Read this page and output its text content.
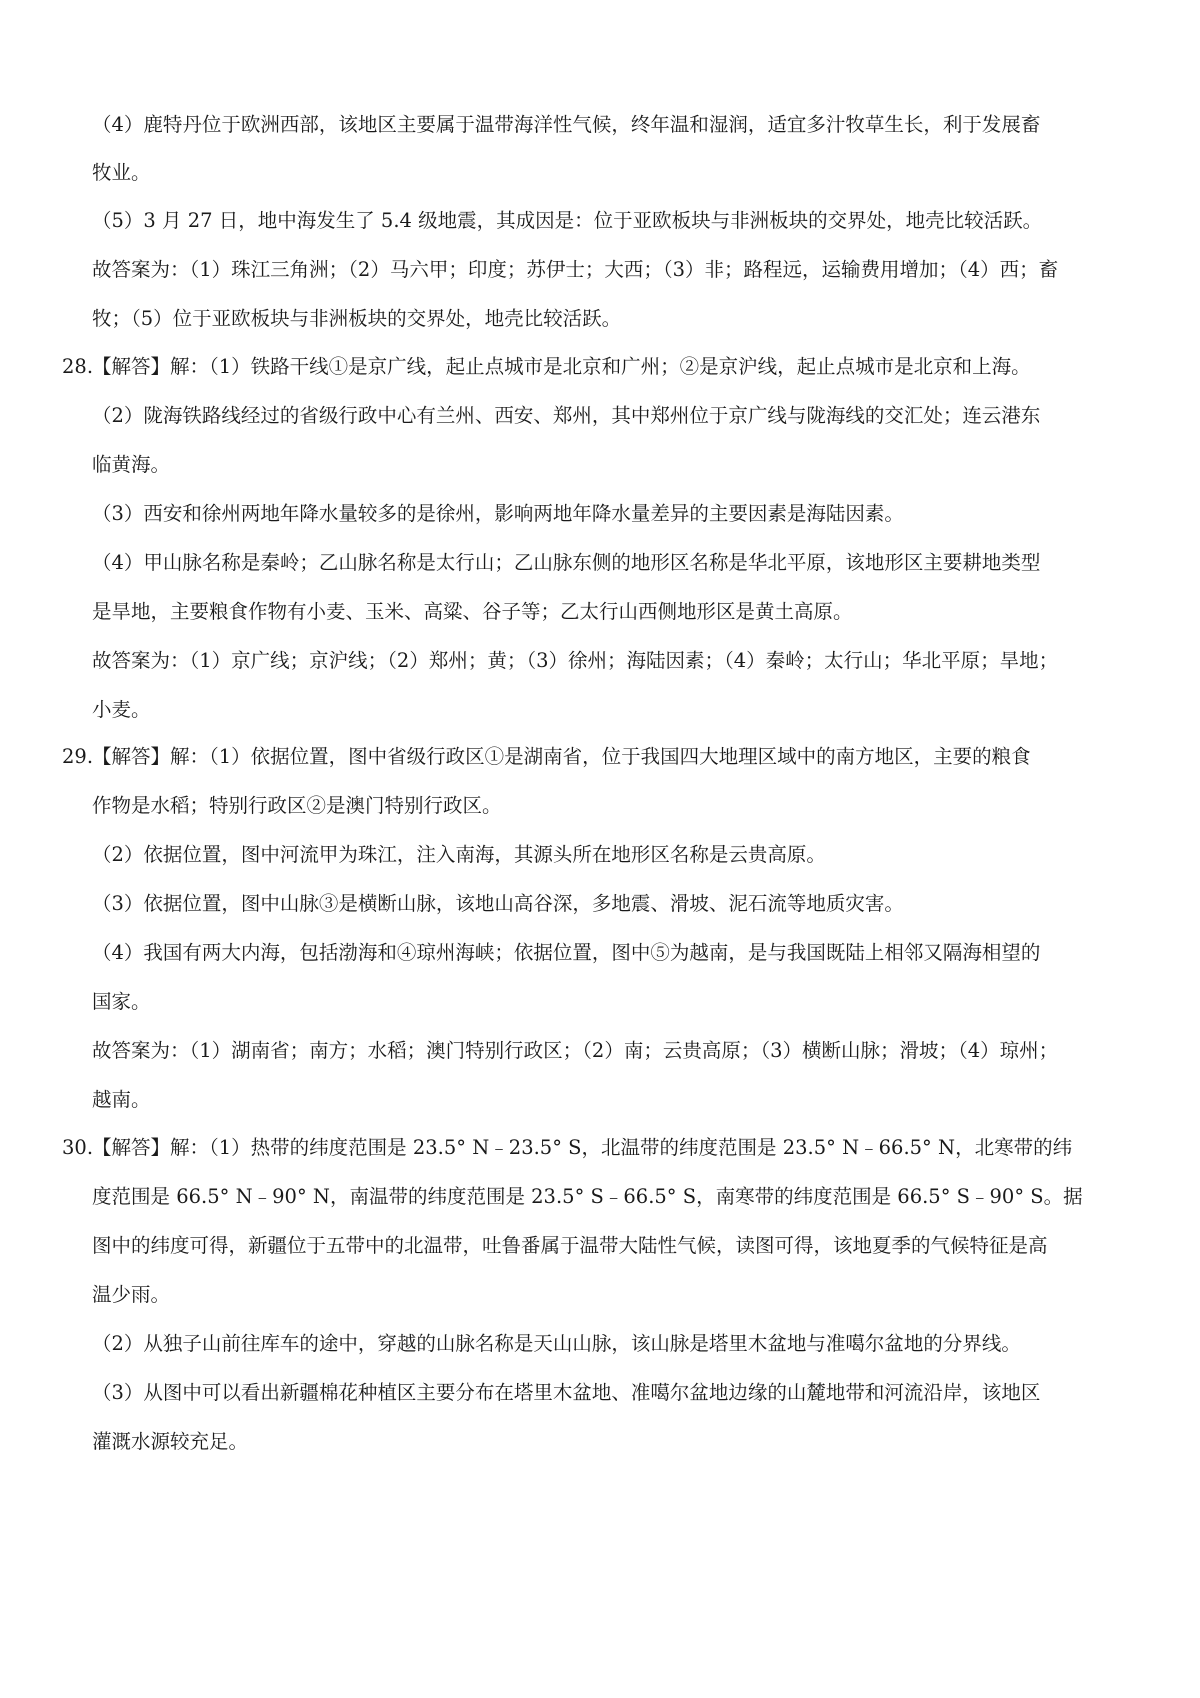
（4）鹿特丹位于欧洲西部，该地区主要属于温带海洋性气候，终年温和湿润，适宜多汁牧草生长，利于发展畜
牧业。
（5）3 月 27 日，地中海发生了 5.4 级地震，其成因是：位于亚欧板块与非洲板块的交界处，地壳比较活跃。
故答案为：（1）珠江三角洲；（2）马六甲；印度；苏伊士；大西；（3）非；路程远，运输费用增加；（4）西；畜
牧；（5）位于亚欧板块与非洲板块的交界处，地壳比较活跃。
28.
【解答】解：（1）铁路干线①是京广线，起止点城市是北京和广州；②是京沪线，起止点城市是北京和上海。
（2）陇海铁路线经过的省级行政中心有兰州、西安、郑州，其中郑州位于京广线与陇海线的交汇处；连云港东
临黄海。
（3）西安和徐州两地年降水量较多的是徐州，影响两地年降水量差异的主要因素是海陆因素。
（4）甲山脉名称是秦岭；乙山脉名称是太行山；乙山脉东侧的地形区名称是华北平原，该地形区主要耕地类型
是旱地，主要粮食作物有小麦、玉米、高粱、谷子等；乙太行山西侧地形区是黄土高原。
故答案为：（1）京广线；京沪线；（2）郑州；黄；（3）徐州；海陆因素；（4）秦岭；太行山；华北平原；旱地；
小麦。
29.
【解答】解：（1）依据位置，图中省级行政区①是湖南省，位于我国四大地理区域中的南方地区，主要的粮食
作物是水稻；特别行政区②是澳门特别行政区。
（2）依据位置，图中河流甲为珠江，注入南海，其源头所在地形区名称是云贵高原。
（3）依据位置，图中山脉③是横断山脉，该地山高谷深，多地震、滑坡、泥石流等地质灾害。
（4）我国有两大内海，包括渤海和④琼州海峡；依据位置，图中⑤为越南，是与我国既陆上相邻又隔海相望的
国家。
故答案为：（1）湖南省；南方；水稻；澳门特别行政区；（2）南；云贵高原；（3）横断山脉；滑坡；（4）琼州；
越南。
30.
【解答】解：（1）热带的纬度范围是 23.5° N﹣23.5° S，北温带的纬度范围是 23.5° N﹣66.5° N，北寒带的纬
度范围是 66.5° N﹣90° N，南温带的纬度范围是 23.5° S﹣66.5° S，南寒带的纬度范围是 66.5° S﹣90° S。据
图中的纬度可得，新疆位于五带中的北温带，吐鲁番属于温带大陆性气候，读图可得，该地夏季的气候特征是高
温少雨。
（2）从独子山前往库车的途中，穿越的山脉名称是天山山脉，该山脉是塔里木盆地与准噶尔盆地的分界线。
（3）从图中可以看出新疆棉花种植区主要分布在塔里木盆地、准噶尔盆地边缘的山麓地带和河流沿岸，该地区
灌溉水源较充足。
